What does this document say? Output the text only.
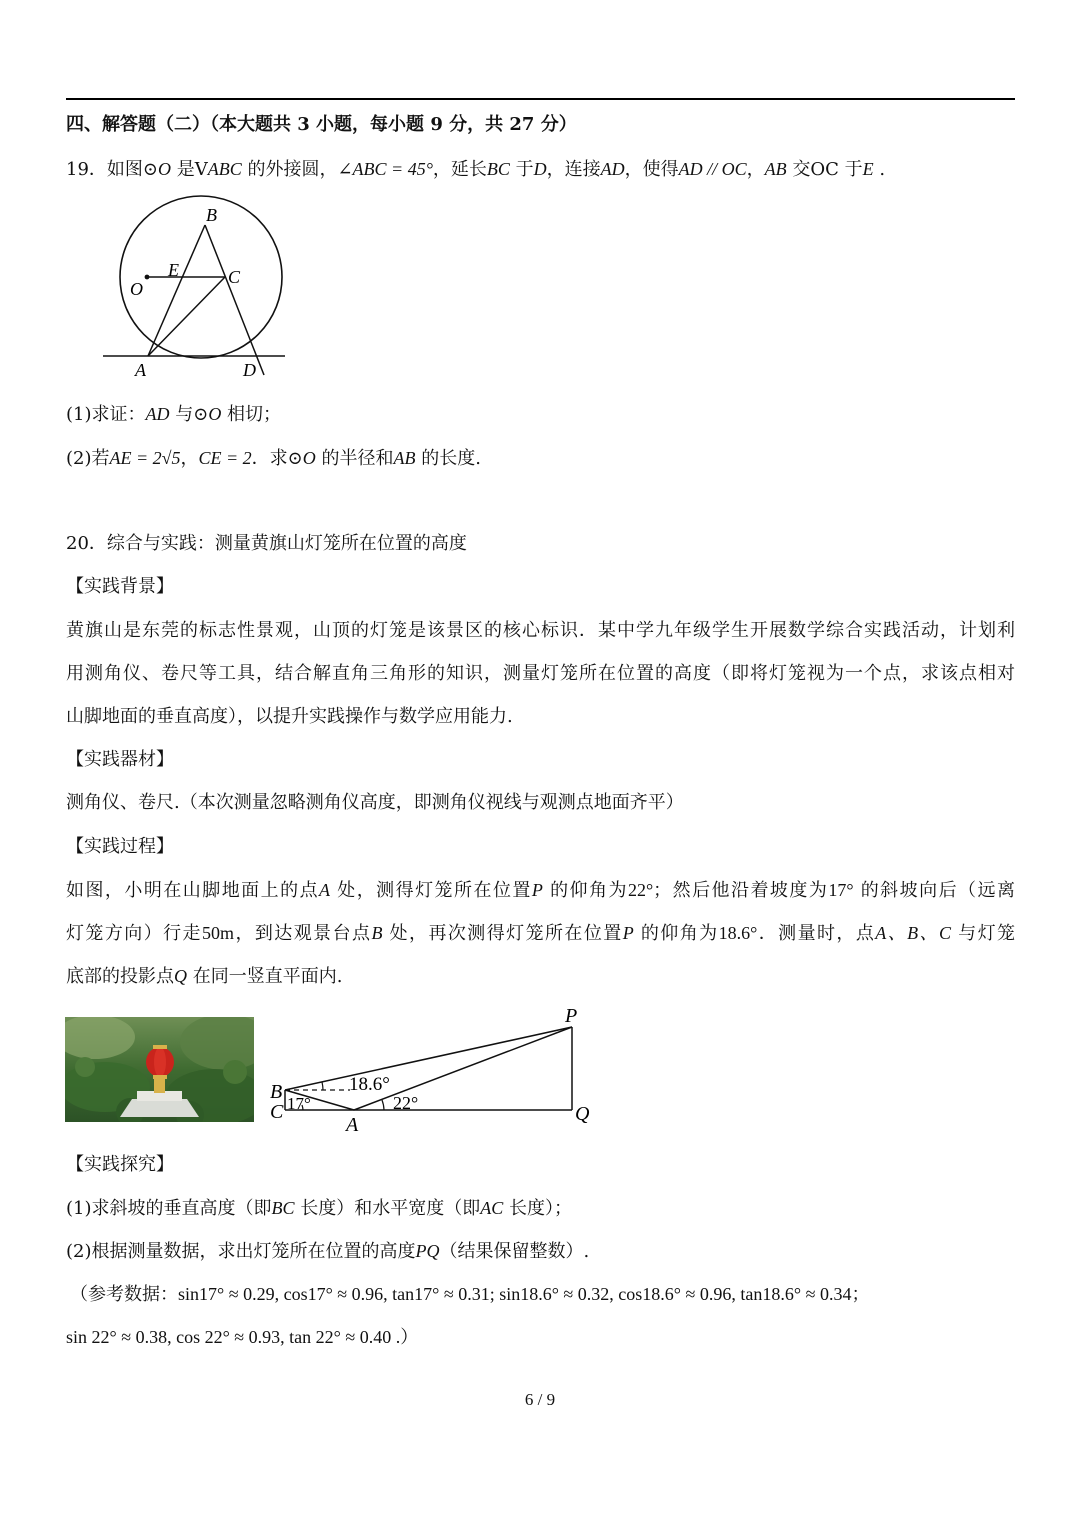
四、解答题（二）（本大题共 3 小题，每小题 9 分，共 27 分）
19．如图⊙O 是VABC 的外接圆，∠ABC = 45°，延长BC 于D，连接AD，使得AD // OC，AB 交OC 于E .
B
E	C
O
A	D
(1)求证：AD 与⊙O 相切；
(2)若AE = 2√5，CE = 2．求⊙O 的半径和AB 的长度.
20．综合与实践：测量黄旗山灯笼所在位置的高度
【实践背景】
黄旗山是东莞的标志性景观，山顶的灯笼是该景区的核心标识．某中学九年级学生开展数学综合实践活动，计划利
用测角仪、卷尺等工具，结合解直角三角形的知识，测量灯笼所在位置的高度（即将灯笼视为一个点，求该点相对
山脚地面的垂直高度），以提升实践操作与数学应用能力.
【实践器材】
测角仪、卷尺.（本次测量忽略测角仪高度，即测角仪视线与观测点地面齐平）
【实践过程】
如图，小明在山脚地面上的点A 处，测得灯笼所在位置P 的仰角为22°；然后他沿着坡度为17° 的斜坡向后（远离
灯笼方向）行走50m，到达观景台点B 处，再次测得灯笼所在位置P 的仰角为18.6°．测量时，点A、B、C 与灯笼
底部的投影点Q 在同一竖直平面内.
P
B
C
A	Q
18.6°
17°	22°
【实践探究】
(1)求斜坡的垂直高度（即BC 长度）和水平宽度（即AC 长度）；
(2)根据测量数据，求出灯笼所在位置的高度PQ（结果保留整数）.
（参考数据：sin17° ≈ 0.29, cos17° ≈ 0.96, tan17° ≈ 0.31; sin18.6° ≈ 0.32, cos18.6° ≈ 0.96, tan18.6° ≈ 0.34；
sin 22° ≈ 0.38, cos 22° ≈ 0.93, tan 22° ≈ 0.40 .）
6 / 9
